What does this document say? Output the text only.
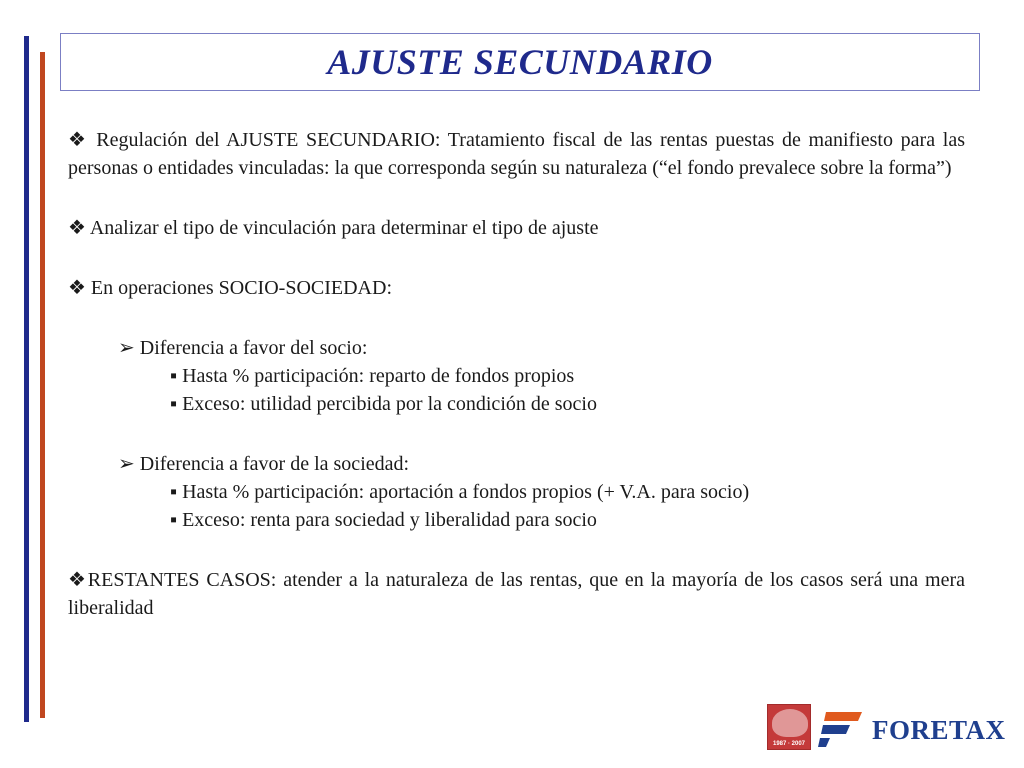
AJUSTE SECUNDARIO

❖ Regulación del AJUSTE SECUNDARIO: Tratamiento fiscal de las rentas puestas de manifiesto para las personas o entidades vinculadas: la que corresponda según su naturaleza (“el fondo prevalece sobre la forma”)

❖ Analizar el tipo de vinculación para determinar el tipo de ajuste

❖ En operaciones SOCIO-SOCIEDAD:

➢ Diferencia a favor del socio:

▪ Hasta % participación: reparto de fondos propios

▪ Exceso: utilidad percibida por la condición de socio

➢ Diferencia a favor de la sociedad:

▪ Hasta % participación: aportación a fondos propios (+ V.A. para socio)

▪ Exceso: renta para sociedad y liberalidad para socio

❖RESTANTES CASOS: atender a la naturaleza de las rentas, que en la mayoría de los casos será una mera liberalidad

1987 · 2007 FORETAX
